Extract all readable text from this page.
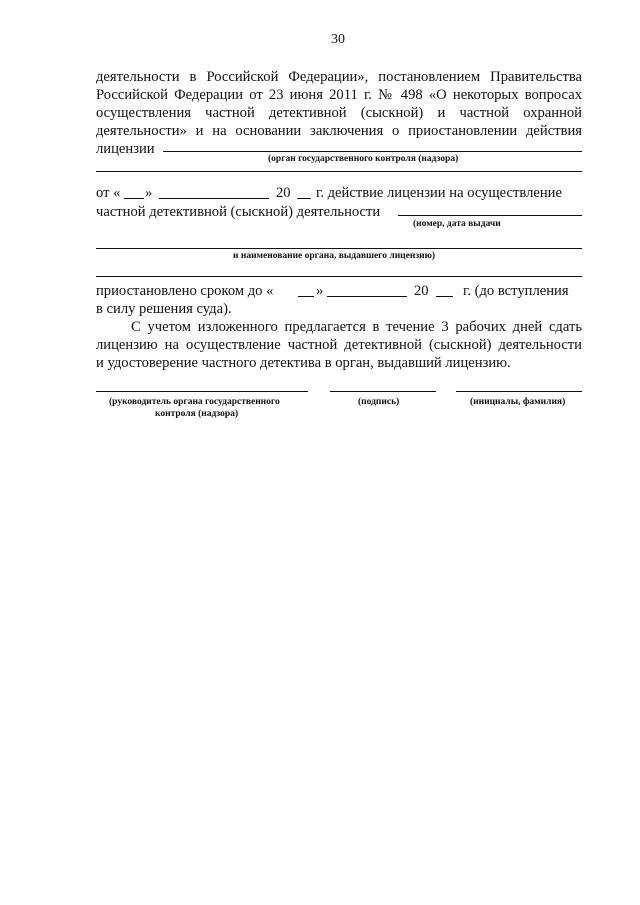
30
деятельности в Российской Федерации», постановлением Правительства
Российской Федерации от 23 июня 2011 г. № 498 «О некоторых вопросах
осуществления частной детективной (сыскной) и частной охранной
деятельности» и на основании заключения о приостановлении действия
лицензии
(орган государственного контроля (надзора)
от « »	20 г. действие лицензии на осуществление
частной детективной (сыскной) деятельности
(номер, дата выдачи
и наименование органа, выдавшего лицензию)
приостановлено сроком до «	»	20 г. (до вступления
в силу решения суда).
С учетом изложенного предлагается в течение 3 рабочих дней сдать
лицензию на осуществление частной детективной (сыскной) деятельности
и удостоверение частного детектива в орган, выдавший лицензию.
(руководитель органа государственного
контроля (надзора)
(подпись)	(инициалы, фамилия)
